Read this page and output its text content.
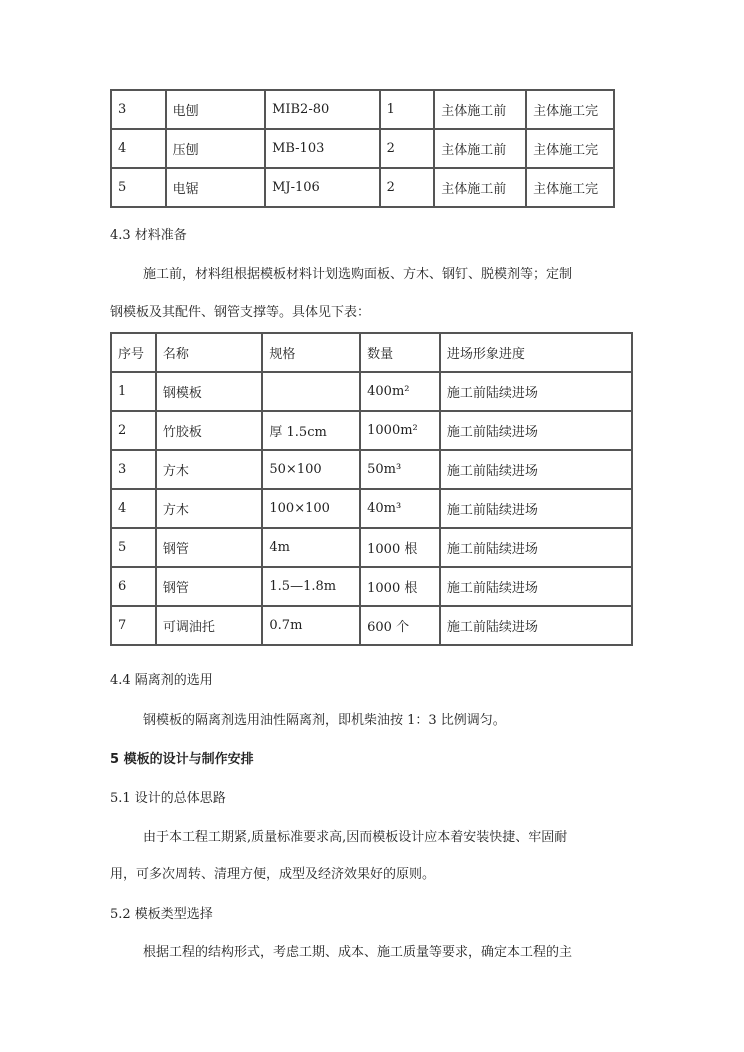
3	电刨	MIB2-80	1	主体施工前	主体施工完
4	压刨	MB-103	2	主体施工前	主体施工完
5	电锯	MJ-106	2	主体施工前	主体施工完
4.3 材料准备
施工前，材料组根据模板材料计划选购面板、方木、钢钉、脱模剂等；定制
钢模板及其配件、钢管支撑等。具体见下表：
序号	名称	规格	数量	进场形象进度
1	钢模板		400m²	施工前陆续进场
2	竹胶板	厚 1.5cm	1000m²	施工前陆续进场
3	方木	50×100	50m³	施工前陆续进场
4	方木	100×100	40m³	施工前陆续进场
5	钢管	4m	1000 根	施工前陆续进场
6	钢管	1.5—1.8m	1000 根	施工前陆续进场
7	可调油托	0.7m	600 个	施工前陆续进场
4.4 隔离剂的选用
钢模板的隔离剂选用油性隔离剂，即机柴油按 1：3 比例调匀。
5 模板的设计与制作安排
5.1 设计的总体思路
由于本工程工期紧,质量标准要求高,因而模板设计应本着安装快捷、牢固耐
用，可多次周转、清理方便，成型及经济效果好的原则。
5.2 模板类型选择
根据工程的结构形式，考虑工期、成本、施工质量等要求，确定本工程的主
